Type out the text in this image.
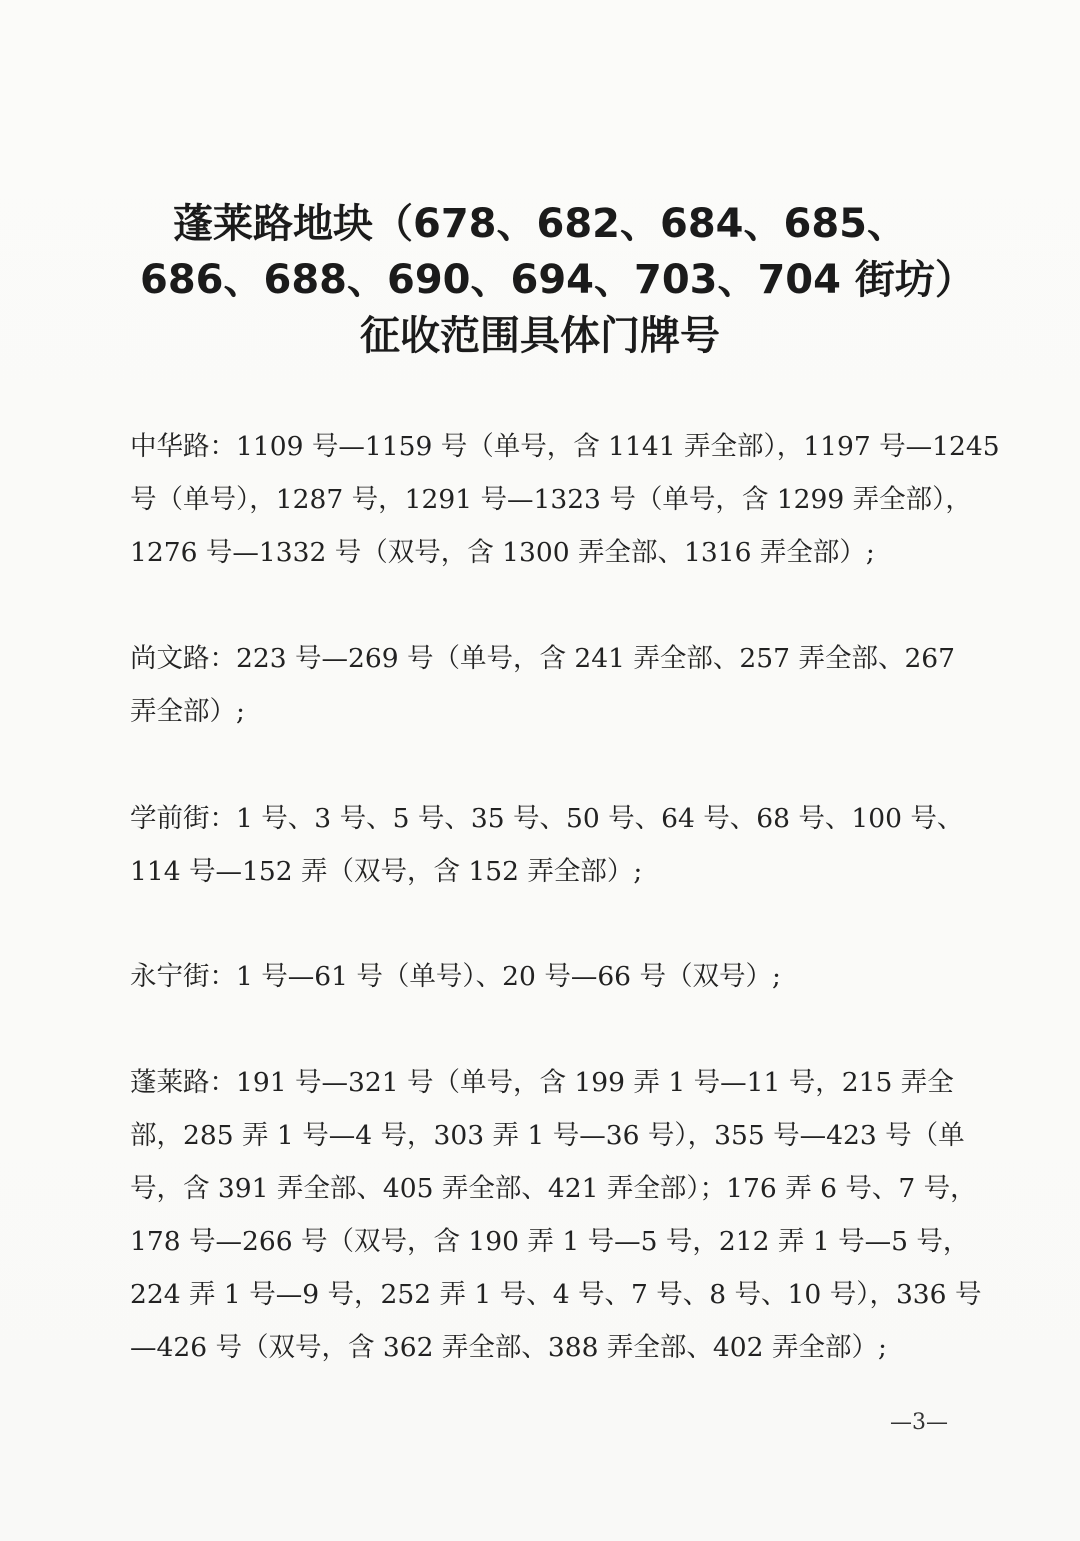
蓬莱路地块（678、682、684、685、
686、688、690、694、703、704 街坊）
征收范围具体门牌号

中华路：1109 号—1159 号（单号，含 1141 弄全部），1197 号—1245
号（单号），1287 号，1291 号—1323 号（单号，含 1299 弄全部），
1276 号—1332 号（双号，含 1300 弄全部、1316 弄全部）;

尚文路：223 号—269 号（单号，含 241 弄全部、257 弄全部、267
弄全部）;

学前街：1 号、3 号、5 号、35 号、50 号、64 号、68 号、100 号、
114 号—152 弄（双号，含 152 弄全部）;

永宁街：1 号—61 号（单号）、20 号—66 号（双号）;

蓬莱路：191 号—321 号（单号，含 199 弄 1 号—11 号，215 弄全
部，285 弄 1 号—4 号，303 弄 1 号—36 号），355 号—423 号（单
号，含 391 弄全部、405 弄全部、421 弄全部）；176 弄 6 号、7 号，
178 号—266 号（双号，含 190 弄 1 号—5 号，212 弄 1 号—5 号，
224 弄 1 号—9 号，252 弄 1 号、4 号、7 号、8 号、10 号），336 号
—426 号（双号，含 362 弄全部、388 弄全部、402 弄全部）;

—3—
